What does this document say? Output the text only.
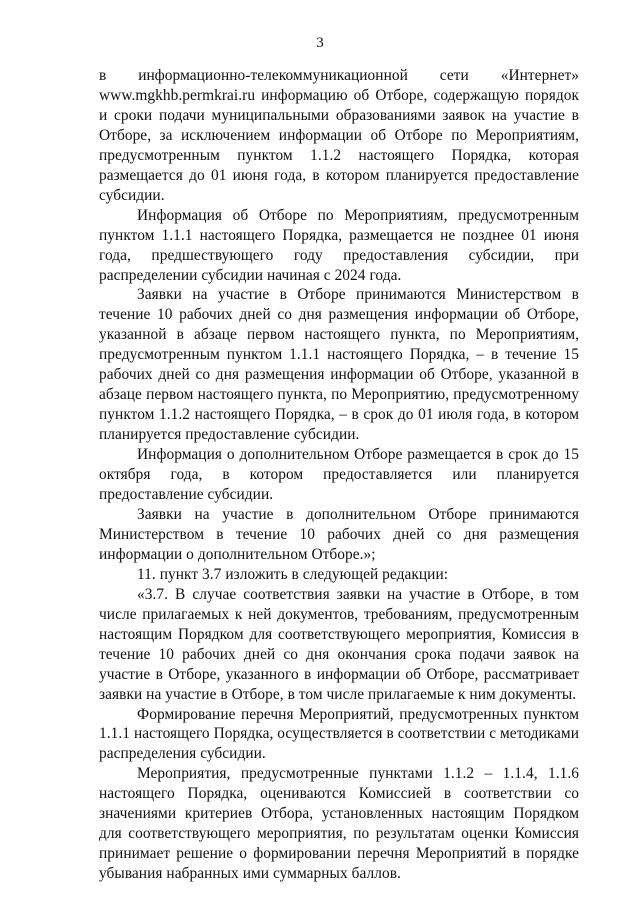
3

в информационно-телекоммуникационной сети «Интернет» www.mgkhb.permkrai.ru информацию об Отборе, содержащую порядок и сроки подачи муниципальными образованиями заявок на участие в Отборе, за исключением информации об Отборе по Мероприятиям, предусмотренным пунктом 1.1.2 настоящего Порядка, которая размещается до 01 июня года, в котором планируется предоставление субсидии.

Информация об Отборе по Мероприятиям, предусмотренным пунктом 1.1.1 настоящего Порядка, размещается не позднее 01 июня года, предшествующего году предоставления субсидии, при распределении субсидии начиная с 2024 года.

Заявки на участие в Отборе принимаются Министерством в течение 10 рабочих дней со дня размещения информации об Отборе, указанной в абзаце первом настоящего пункта, по Мероприятиям, предусмотренным пунктом 1.1.1 настоящего Порядка, – в течение 15 рабочих дней со дня размещения информации об Отборе, указанной в абзаце первом настоящего пункта, по Мероприятию, предусмотренному пунктом 1.1.2 настоящего Порядка, – в срок до 01 июля года, в котором планируется предоставление субсидии.

Информация о дополнительном Отборе размещается в срок до 15 октября года, в котором предоставляется или планируется предоставление субсидии.

Заявки на участие в дополнительном Отборе принимаются Министерством в течение 10 рабочих дней со дня размещения информации о дополнительном Отборе.»;

11. пункт 3.7 изложить в следующей редакции:

«3.7. В случае соответствия заявки на участие в Отборе, в том числе прилагаемых к ней документов, требованиям, предусмотренным настоящим Порядком для соответствующего мероприятия, Комиссия в течение 10 рабочих дней со дня окончания срока подачи заявок на участие в Отборе, указанного в информации об Отборе, рассматривает заявки на участие в Отборе, в том числе прилагаемые к ним документы.

Формирование перечня Мероприятий, предусмотренных пунктом 1.1.1 настоящего Порядка, осуществляется в соответствии с методиками распределения субсидии.

Мероприятия, предусмотренные пунктами 1.1.2 – 1.1.4, 1.1.6 настоящего Порядка, оцениваются Комиссией в соответствии со значениями критериев Отбора, установленных настоящим Порядком для соответствующего мероприятия, по результатам оценки Комиссия принимает решение о формировании перечня Мероприятий в порядке убывания набранных ими суммарных баллов.
